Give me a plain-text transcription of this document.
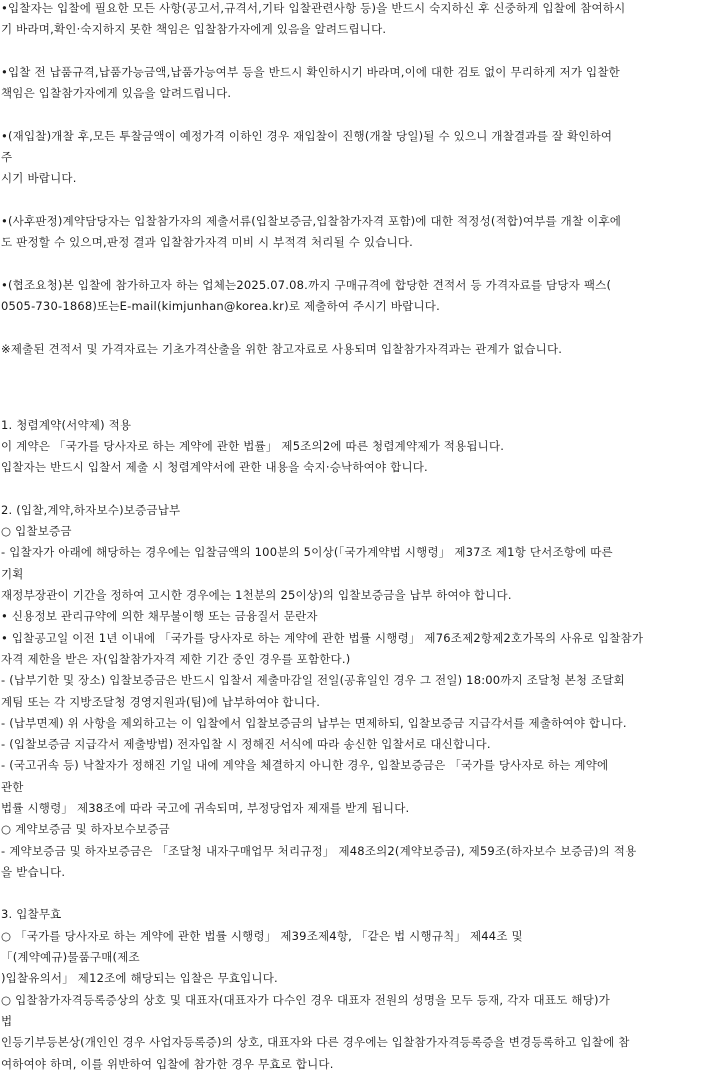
•입찰자는 입찰에 필요한 모든 사항(공고서,규격서,기타 입찰관련사항 등)을 반드시 숙지하신 후 신중하게 입찰에 참여하시
기 바라며,확인·숙지하지 못한 책임은 입찰참가자에게 있음을 알려드립니다.
•입찰 전 납품규격,납품가능금액,납품가능여부 등을 반드시 확인하시기 바라며,이에 대한 검토 없이 무리하게 저가 입찰한
책임은 입찰참가자에게 있음을 알려드립니다.
•(재입찰)개찰 후,모든 투찰금액이 예정가격 이하인 경우 재입찰이 진행(개찰 당일)될 수 있으니 개찰결과를 잘 확인하여
주
시기 바랍니다.
•(사후판정)계약담당자는 입찰참가자의 제출서류(입찰보증금,입찰참가자격 포함)에 대한 적정성(적합)여부를 개찰 이후에
도 판정할 수 있으며,판정 결과 입찰참가자격 미비 시 부적격 처리될 수 있습니다.
•(협조요청)본 입찰에 참가하고자 하는 업체는2025.07.08.까지 구매규격에 합당한 견적서 등 가격자료를 담당자 팩스(
0505-730-1868)또는E-mail(kimjunhan@korea.kr)로 제출하여 주시기 바랍니다.
※제출된 견적서 및 가격자료는 기초가격산출을 위한 참고자료로 사용되며 입찰참가자격과는 관계가 없습니다.
1. 청렴계약(서약제) 적용
이 계약은 「국가를 당사자로 하는 계약에 관한 법률」 제5조의2에 따른 청렴계약제가 적용됩니다.
입찰자는 반드시 입찰서 제출 시 청렴계약서에 관한 내용을 숙지·승낙하여야 합니다.
2. (입찰,계약,하자보수)보증금납부
○ 입찰보증금
- 입찰자가 아래에 해당하는 경우에는 입찰금액의 100분의 5이상(「국가계약법 시행령」 제37조 제1항 단서조항에 따른
기획
재정부장관이 기간을 정하여 고시한 경우에는 1천분의 25이상)의 입찰보증금을 납부 하여야 합니다.
• 신용정보 관리규약에 의한 채무불이행 또는 금융질서 문란자
• 입찰공고일 이전 1년 이내에 「국가를 당사자로 하는 계약에 관한 법률 시행령」 제76조제2항제2호가목의 사유로 입찰참가
자격 제한을 받은 자(입찰참가자격 제한 기간 중인 경우를 포함한다.)
- (납부기한 및 장소) 입찰보증금은 반드시 입찰서 제출마감일 전일(공휴일인 경우 그 전일) 18:00까지 조달청 본청 조달회
계팀 또는 각 지방조달청 경영지원과(팀)에 납부하여야 합니다.
- (납부면제) 위 사항을 제외하고는 이 입찰에서 입찰보증금의 납부는 면제하되, 입찰보증금 지급각서를 제출하여야 합니다.
- (입찰보증금 지급각서 제출방법) 전자입찰 시 정해진 서식에 따라 송신한 입찰서로 대신합니다.
- (국고귀속 등) 낙찰자가 정해진 기일 내에 계약을 체결하지 아니한 경우, 입찰보증금은 「국가를 당사자로 하는 계약에
관한
법률 시행령」 제38조에 따라 국고에 귀속되며, 부정당업자 제재를 받게 됩니다.
○ 계약보증금 및 하자보수보증금
- 계약보증금 및 하자보증금은 「조달청 내자구매업무 처리규정」 제48조의2(계약보증금), 제59조(하자보수 보증금)의 적용
을 받습니다.
3. 입찰무효
○ 「국가를 당사자로 하는 계약에 관한 법률 시행령」 제39조제4항, 「같은 법 시행규칙」 제44조 및
「(계약예규)물품구매(제조
)입찰유의서」 제12조에 해당되는 입찰은 무효입니다.
○ 입찰참가자격등록증상의 상호 및 대표자(대표자가 다수인 경우 대표자 전원의 성명을 모두 등재, 각자 대표도 해당)가
법
인등기부등본상(개인인 경우 사업자등록증)의 상호, 대표자와 다른 경우에는 입찰참가자격등록증을 변경등록하고 입찰에 참
여하여야 하며, 이를 위반하여 입찰에 참가한 경우 무효로 합니다.
